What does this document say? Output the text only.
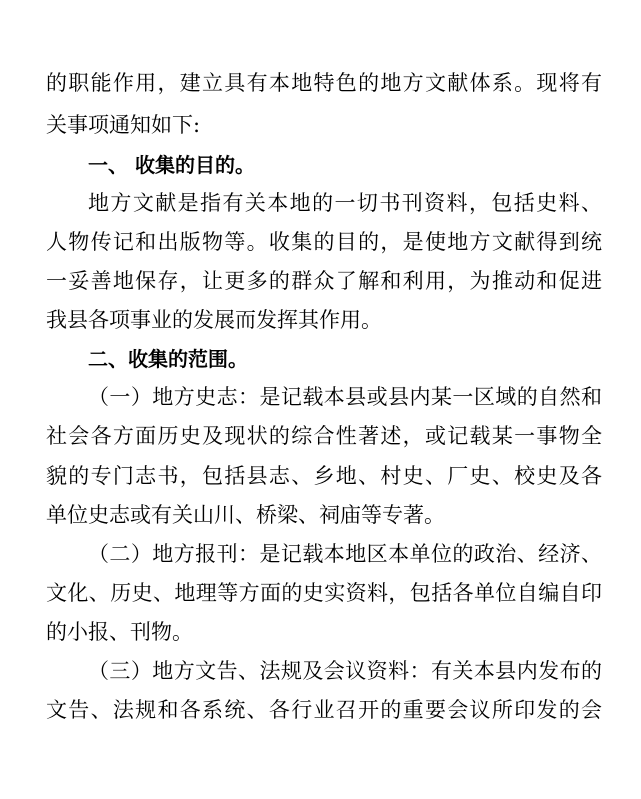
的职能作用，建立具有本地特色的地方文献体系。现将有
关事项通知如下:
一、 收集的目的。
地方文献是指有关本地的一切书刊资料，包括史料、
人物传记和出版物等。收集的目的，是使地方文献得到统
一妥善地保存，让更多的群众了解和利用，为推动和促进
我县各项事业的发展而发挥其作用。
二、收集的范围。
（一）地方史志：是记载本县或县内某一区域的自然和
社会各方面历史及现状的综合性著述，或记载某一事物全
貌的专门志书，包括县志、乡地、村史、厂史、校史及各
单位史志或有关山川、桥梁、祠庙等专著。
（二）地方报刊：是记载本地区本单位的政治、经济、
文化、历史、地理等方面的史实资料，包括各单位自编自印
的小报、刊物。
（三）地方文告、法规及会议资料：有关本县内发布的
文告、法规和各系统、各行业召开的重要会议所印发的会
